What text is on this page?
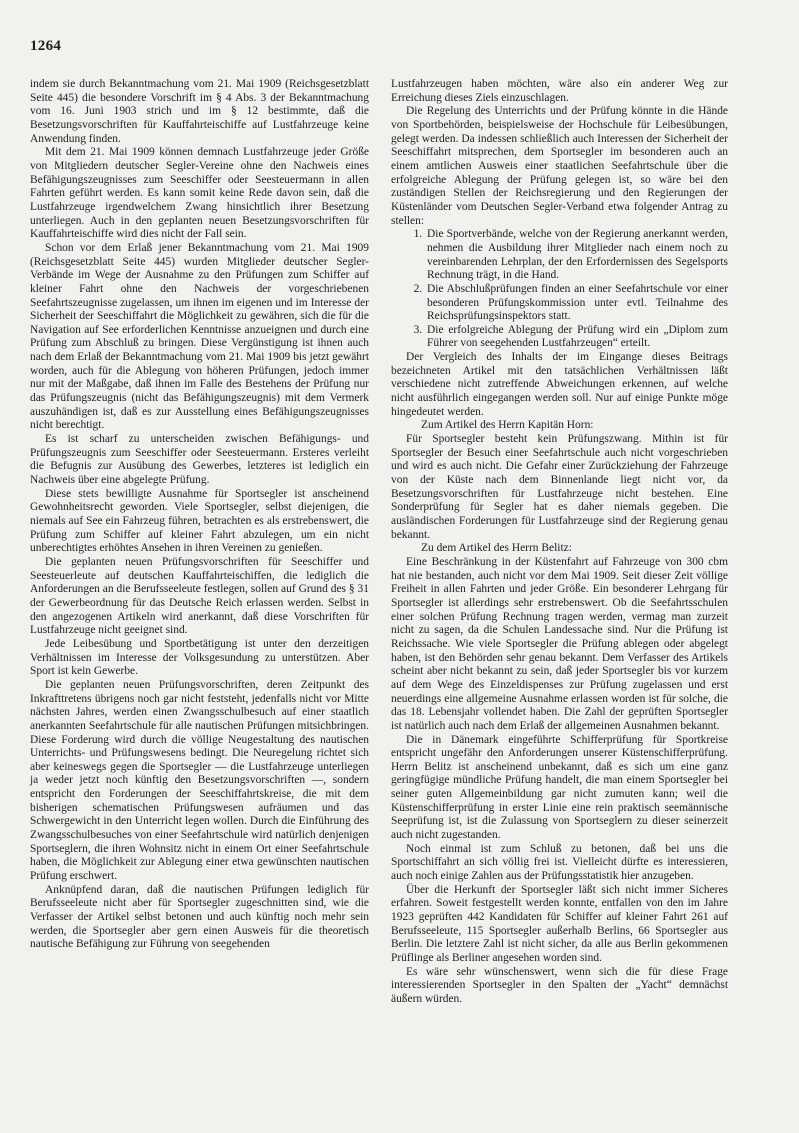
1264

indem sie durch Bekanntmachung vom 21. Mai 1909 (Reichsgesetzblatt Seite 445) die besondere Vorschrift im § 4 Abs. 3 der Bekanntmachung vom 16. Juni 1903 strich und im § 12 bestimmte, daß die Besetzungsvorschriften für Kauffahrteischiffe auf Lustfahrzeuge keine Anwendung finden.

Mit dem 21. Mai 1909 können demnach Lustfahrzeuge jeder Größe von Mitgliedern deutscher Segler-Vereine ohne den Nachweis eines Befähigungszeugnisses zum Seeschiffer oder Seesteuermann in allen Fahrten geführt werden. Es kann somit keine Rede davon sein, daß die Lustfahrzeuge irgendwelchem Zwang hinsichtlich ihrer Besetzung unterliegen. Auch in den geplanten neuen Besetzungsvorschriften für Kauffahrteischiffe wird dies nicht der Fall sein.

Schon vor dem Erlaß jener Bekanntmachung vom 21. Mai 1909 (Reichsgesetzblatt Seite 445) wurden Mitglieder deutscher Segler-Verbände im Wege der Ausnahme zu den Prüfungen zum Schiffer auf kleiner Fahrt ohne den Nachweis der vorgeschriebenen Seefahrtszeugnisse zugelassen, um ihnen im eigenen und im Interesse der Sicherheit der Seeschiffahrt die Möglichkeit zu gewähren, sich die für die Navigation auf See erforderlichen Kenntnisse anzueignen und durch eine Prüfung zum Abschluß zu bringen. Diese Vergünstigung ist ihnen auch nach dem Erlaß der Bekanntmachung vom 21. Mai 1909 bis jetzt gewährt worden, auch für die Ablegung von höheren Prüfungen, jedoch immer nur mit der Maßgabe, daß ihnen im Falle des Bestehens der Prüfung nur das Prüfungszeugnis (nicht das Befähigungszeugnis) mit dem Vermerk auszuhändigen ist, daß es zur Ausstellung eines Befähigungszeugnisses nicht berechtigt.

Es ist scharf zu unterscheiden zwischen Befähigungs- und Prüfungszeugnis zum Seeschiffer oder Seesteuermann. Ersteres verleiht die Befugnis zur Ausübung des Gewerbes, letzteres ist lediglich ein Nachweis über eine abgelegte Prüfung.

Diese stets bewilligte Ausnahme für Sportsegler ist anscheinend Gewohnheitsrecht geworden. Viele Sportsegler, selbst diejenigen, die niemals auf See ein Fahrzeug führen, betrachten es als erstrebenswert, die Prüfung zum Schiffer auf kleiner Fahrt abzulegen, um ein nicht unberechtigtes erhöhtes Ansehen in ihren Vereinen zu genießen.

Die geplanten neuen Prüfungsvorschriften für Seeschiffer und Seesteuerleute auf deutschen Kauffahrteischiffen, die lediglich die Anforderungen an die Berufsseeleute festlegen, sollen auf Grund des § 31 der Gewerbeordnung für das Deutsche Reich erlassen werden. Selbst in den angezogenen Artikeln wird anerkannt, daß diese Vorschriften für Lustfahrzeuge nicht geeignet sind.

Jede Leibesübung und Sportbetätigung ist unter den derzeitigen Verhältnissen im Interesse der Volksgesundung zu unterstützen. Aber Sport ist kein Gewerbe.

Die geplanten neuen Prüfungsvorschriften, deren Zeitpunkt des Inkrafttretens übrigens noch gar nicht feststeht, jedenfalls nicht vor Mitte nächsten Jahres, werden einen Zwangsschulbesuch auf einer staatlich anerkannten Seefahrtschule für alle nautischen Prüfungen mitsichbringen. Diese Forderung wird durch die völlige Neugestaltung des nautischen Unterrichts- und Prüfungswesens bedingt. Die Neuregelung richtet sich aber keineswegs gegen die Sportsegler — die Lustfahrzeuge unterliegen ja weder jetzt noch künftig den Besetzungsvorschriften —, sondern entspricht den Forderungen der Seeschiffahrtskreise, die mit dem bisherigen schematischen Prüfungswesen aufräumen und das Schwergewicht in den Unterricht legen wollen. Durch die Einführung des Zwangsschulbesuches von einer Seefahrtschule wird natürlich denjenigen Sportseglern, die ihren Wohnsitz nicht in einem Ort einer Seefahrtschule haben, die Möglichkeit zur Ablegung einer etwa gewünschten nautischen Prüfung erschwert.

Anknüpfend daran, daß die nautischen Prüfungen lediglich für Berufsseeleute nicht aber für Sportsegler zugeschnitten sind, wie die Verfasser der Artikel selbst betonen und auch künftig noch mehr sein werden, die Sportsegler aber gern einen Ausweis für die theoretisch nautische Befähigung zur Führung von seegehenden

Lustfahrzeugen haben möchten, wäre also ein anderer Weg zur Erreichung dieses Ziels einzuschlagen.

Die Regelung des Unterrichts und der Prüfung könnte in die Hände von Sportbehörden, beispielsweise der Hochschule für Leibesübungen, gelegt werden. Da indessen schließlich auch Interessen der Sicherheit der Seeschiffahrt mitsprechen, dem Sportsegler im besonderen auch an einem amtlichen Ausweis einer staatlichen Seefahrtschule über die erfolgreiche Ablegung der Prüfung gelegen ist, so wäre bei den zuständigen Stellen der Reichsregierung und den Regierungen der Küstenländer vom Deutschen Segler-Verband etwa folgender Antrag zu stellen:

1. Die Sportverbände, welche von der Regierung anerkannt werden, nehmen die Ausbildung ihrer Mitglieder nach einem noch zu vereinbarenden Lehrplan, der den Erfordernissen des Segelsports Rechnung trägt, in die Hand.
2. Die Abschlußprüfungen finden an einer Seefahrtschule vor einer besonderen Prüfungskommission unter evtl. Teilnahme des Reichsprüfungsinspektors statt.
3. Die erfolgreiche Ablegung der Prüfung wird ein „Diplom zum Führer von seegehenden Lustfahrzeugen“ erteilt.

Der Vergleich des Inhalts der im Eingange dieses Beitrags bezeichneten Artikel mit den tatsächlichen Verhältnissen läßt verschiedene nicht zutreffende Abweichungen erkennen, auf welche nicht ausführlich eingegangen werden soll. Nur auf einige Punkte möge hingedeutet werden.

Zum Artikel des Herrn Kapitän Horn:

Für Sportsegler besteht kein Prüfungszwang. Mithin ist für Sportsegler der Besuch einer Seefahrtschule auch nicht vorgeschrieben und wird es auch nicht. Die Gefahr einer Zurückziehung der Fahrzeuge von der Küste nach dem Binnenlande liegt nicht vor, da Besetzungsvorschriften für Lustfahrzeuge nicht bestehen. Eine Sonderprüfung für Segler hat es daher niemals gegeben. Die ausländischen Forderungen für Lustfahrzeuge sind der Regierung genau bekannt.

Zu dem Artikel des Herrn Belitz:

Eine Beschränkung in der Küstenfahrt auf Fahrzeuge von 300 cbm hat nie bestanden, auch nicht vor dem Mai 1909. Seit dieser Zeit völlige Freiheit in allen Fahrten und jeder Größe. Ein besonderer Lehrgang für Sportsegler ist allerdings sehr erstrebenswert. Ob die Seefahrtsschulen einer solchen Prüfung Rechnung tragen werden, vermag man zurzeit nicht zu sagen, da die Schulen Landessache sind. Nur die Prüfung ist Reichssache. Wie viele Sportsegler die Prüfung ablegen oder abgelegt haben, ist den Behörden sehr genau bekannt. Dem Verfasser des Artikels scheint aber nicht bekannt zu sein, daß jeder Sportsegler bis vor kurzem auf dem Wege des Einzeldispenses zur Prüfung zugelassen und erst neuerdings eine allgemeine Ausnahme erlassen worden ist für solche, die das 18. Lebensjahr vollendet haben. Die Zahl der geprüften Sportsegler ist natürlich auch nach dem Erlaß der allgemeinen Ausnahmen bekannt.

Die in Dänemark eingeführte Schifferprüfung für Sportkreise entspricht ungefähr den Anforderungen unserer Küstenschifferprüfung. Herrn Belitz ist anscheinend unbekannt, daß es sich um eine ganz geringfügige mündliche Prüfung handelt, die man einem Sportsegler bei seiner guten Allgemeinbildung gar nicht zumuten kann; weil die Küstenschifferprüfung in erster Linie eine rein praktisch seemännische Seeprüfung ist, ist die Zulassung von Sportseglern zu dieser seinerzeit auch nicht zugestanden.

Noch einmal ist zum Schluß zu betonen, daß bei uns die Sportschiffahrt an sich völlig frei ist. Vielleicht dürfte es interessieren, auch noch einige Zahlen aus der Prüfungsstatistik hier anzugeben.

Über die Herkunft der Sportsegler läßt sich nicht immer Sicheres erfahren. Soweit festgestellt werden konnte, entfallen von den im Jahre 1923 geprüften 442 Kandidaten für Schiffer auf kleiner Fahrt 261 auf Berufsseeleute, 115 Sportsegler außerhalb Berlins, 66 Sportsegler aus Berlin. Die letztere Zahl ist nicht sicher, da alle aus Berlin gekommenen Prüflinge als Berliner angesehen worden sind.

Es wäre sehr wünschenswert, wenn sich die für diese Frage interessierenden Sportsegler in den Spalten der „Yacht“ demnächst äußern würden.
